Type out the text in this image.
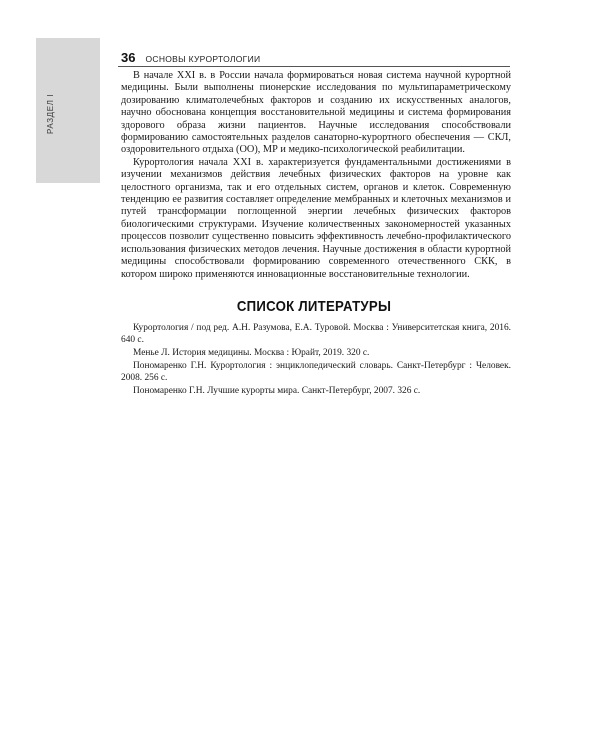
РАЗДЕЛ I
36 ОСНОВЫ КУРОРТОЛОГИИ

В начале XXI в. в России начала формироваться новая система научной курортной медицины. Были выполнены пионерские исследования по мультипараметрическому дозированию климатолечебных факторов и созданию их искусственных аналогов, научно обоснована концепция восстановительной медицины и система формирования здорового образа жизни пациентов. Научные исследования способствовали формированию самостоятельных разделов санаторно-курортного обеспечения — СКЛ, оздоровительного отдыха (ОО), МР и медико-психологической реабилитации.

Курортология начала XXI в. характеризуется фундаментальными достижениями в изучении механизмов действия лечебных физических факторов на уровне как целостного организма, так и его отдельных систем, органов и клеток. Современную тенденцию ее развития составляет определение мембранных и клеточных механизмов и путей трансформации поглощенной энергии лечебных физических факторов биологическими структурами. Изучение количественных закономерностей указанных процессов позволит существенно повысить эффективность лечебно-профилактического использования физических методов лечения. Научные достижения в области курортной медицины способствовали формированию современного отечественного СКК, в котором широко применяются инновационные восстановительные технологии.

СПИСОК ЛИТЕРАТУРЫ
Курортология / под ред. А.Н. Разумова, Е.А. Туровой. Москва : Университетская книга, 2016. 640 с.
Меньe Л. История медицины. Москва : Юрайт, 2019. 320 с.
Пономаренко Г.Н. Курортология : энциклопедический словарь. Санкт-Петербург : Человек. 2008. 256 с.
Пономаренко Г.Н. Лучшие курорты мира. Санкт-Петербург, 2007. 326 с.
